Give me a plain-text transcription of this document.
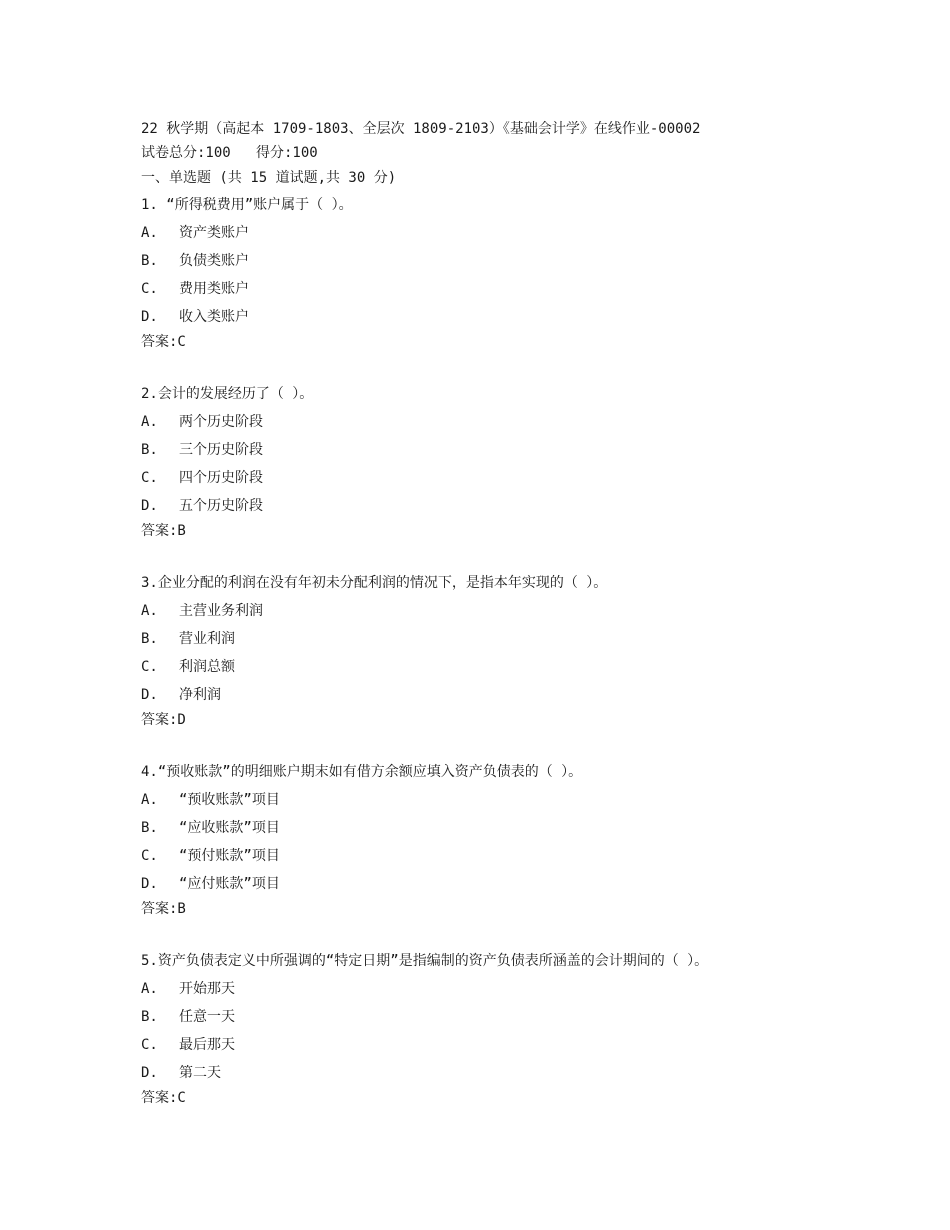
22 秋学期（高起本 1709-1803、全层次 1809-2103）《基础会计学》在线作业-00002
试卷总分:100   得分:100
一、单选题 (共 15 道试题,共 30 分)
1. “所得税费用”账户属于（ ）。
A. 资产类账户
B. 负债类账户
C. 费用类账户
D. 收入类账户
答案:C
2.会计的发展经历了（ ）。
A. 两个历史阶段
B. 三个历史阶段
C. 四个历史阶段
D. 五个历史阶段
答案:B
3.企业分配的利润在没有年初未分配利润的情况下，是指本年实现的（ ）。
A. 主营业务利润
B. 营业利润
C. 利润总额
D. 净利润
答案:D
4.“预收账款”的明细账户期末如有借方余额应填入资产负债表的（ ）。
A. “预收账款”项目
B. “应收账款”项目
C. “预付账款”项目
D. “应付账款”项目
答案:B
5.资产负债表定义中所强调的“特定日期”是指编制的资产负债表所涵盖的会计期间的（ ）。
A. 开始那天
B. 任意一天
C. 最后那天
D. 第二天
答案:C
